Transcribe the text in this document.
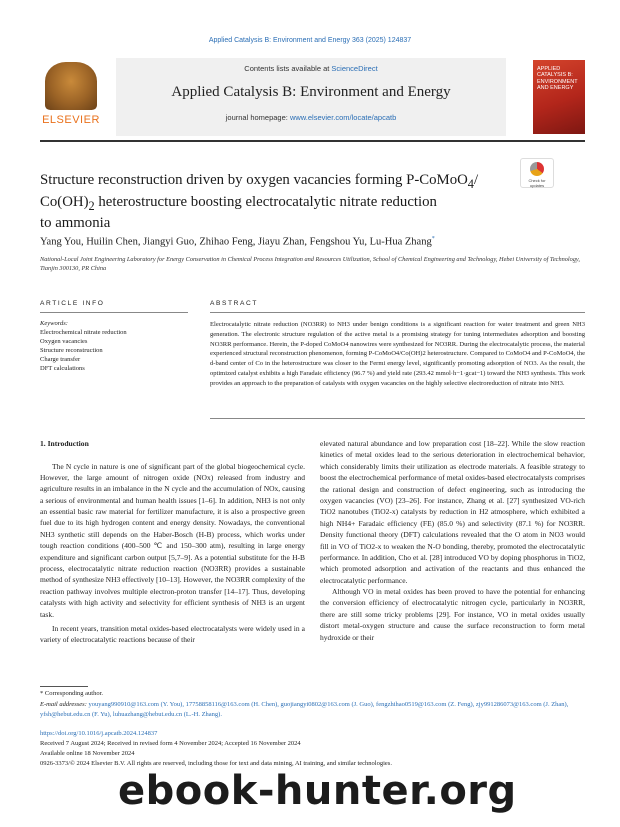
Applied Catalysis B: Environment and Energy 363 (2025) 124837
ELSEVIER
Contents lists available at ScienceDirect
Applied Catalysis B: Environment and Energy
journal homepage: www.elsevier.com/locate/apcatb
APPLIED CATALYSIS B: ENVIRONMENT AND ENERGY
Structure reconstruction driven by oxygen vacancies forming P-CoMoO$_4$/
$Co(OH)_2$ heterostructure boosting electrocatalytic nitrate reduction
to ammonia
Check for updates
Yang You, Huilin Chen, Jiangyi Guo, Zhihao Feng, Jiayu Zhan, Fengshou Yu, Lu-Hua Zhang*
National-Local Joint Engineering Laboratory for Energy Conservation in Chemical Process Integration and Resources Utilization, School of Chemical Engineering and Technology, Hebei University of Technology, Tianjin 300130, PR China
ARTICLE INFO	ABSTRACT
Keywords:
Electrochemical nitrate reduction
Oxygen vacancies
Structure reconstruction
Charge transfer
DFT calculations
Electrocatalytic nitrate reduction (NO3RR) to NH3 under benign conditions is a significant reaction for water treatment and green NH3 generation. The electronic structure regulation of the active metal is a promising strategy for tuning intermediates adsorption and boosting NO3RR performance. Herein, the P-doped CoMoO4 nanowires were synthesized for NO3RR. During the electrocatalytic process, the material experienced structural reconstruction phenomenon, forming P-CoMoO4/Co(OH)2 heterostructure. Compared to CoMoO4 and P-CoMoO4, the d-band center of Co in the heterostructure was closer to the Fermi energy level, significantly promoting adsorption of NO3. As the result, the optimized catalyst exhibits a high Faradaic efficiency (96.7 %) and yield rate (293.42 mmol·h−1·gcat−1) toward the NH3 synthesis. This work provides an approach to the preparation of catalysts with oxygen vacancies on the highly selective electroreduction of nitrate into NH3.
1. Introduction

The N cycle in nature is one of significant part of the global biogeochemical cycle. However, the large amount of nitrogen oxide (NOx) released from industry and agriculture results in an imbalance in the N cycle and the accumulation of NOx, causing a serious of environmental and human health issues [1–6]. In addition, NH3 is not only an essential basic raw material for fertilizer manufacture, it is also a prospective green fuel due to its high hydrogen content and energy density. Nowadays, the conventional NH3 synthetic still depends on the Haber-Bosch (H-B) process, which works under tough reaction conditions (400–500 ℃ and 150–300 atm), resulting in large energy expenditure and significant carbon output [5,7–9]. As a potential substitute for the H-B process, electrocatalytic nitrate reduction reaction (NO3RR) provides a sustainable method of synthesize NH3 effectively [10–13]. However, the NO3RR complexity of the reaction pathway involves multiple electron-proton transfer [14–17]. Thus, developing catalysts with high activity and selectivity for efficient synthesis of NH3 is an urgent task.

In recent years, transition metal oxides-based electrocatalysts were widely used in a variety of electrocatalytic reactions because of their

elevated natural abundance and low preparation cost [18–22]. While the slow reaction kinetics of metal oxides lead to the serious deterioration in electrochemical behavior, which considerably limits their utilization as electrode materials. A feasible strategy to boost the electrochemical performance of metal oxides-based electrocatalysts comprises the rational design and construction of defect engineering, such as introducing the oxygen vacancies (VO) [23–26]. For instance, Zhang et al. [27] synthesized VO-rich TiO2 nanotubes (TiO2-x) catalysts by reduction in H2 atmosphere, which exhibited a high NH4+ Faradaic efficiency (FE) (85.0 %) and selectivity (87.1 %) for NO3RR. Density functional theory (DFT) calculations revealed that the O atom in NO3 would fill in VO of TiO2-x to weaken the N-O bonding, thereby, promoted the electrocatalytic performance. In addition, Cho et al. [28] introduced VO by doping phosphorus in TiO2, which promoted adsorption and activation of the reactants and thus enhanced the electrocatalytic performance.

Although VO in metal oxides has been proved to have the potential for enhancing the conversion efficiency of electrocatalytic nitrogen cycle, particularly in NO3RR, there are still some tricky problems [29]. For instance, VO in metal oxides usually distort metal-oxygen structure and cause the surface reconstruction to form metal hydroxide or their

* Corresponding author.
E-mail addresses: youyang990910@163.com (Y. You), 17758858116@163.com (H. Chen), guojiangyi0802@163.com (J. Guo), fengzhihao0519@163.com (Z. Feng), zjy991286073@163.com (J. Zhan), yfsh@hebut.edu.cn (F. Yu), luhuazhang@hebut.edu.cn (L.-H. Zhang).
https://doi.org/10.1016/j.apcatb.2024.124837
Received 7 August 2024; Received in revised form 4 November 2024; Accepted 16 November 2024
Available online 18 November 2024
0926-3373/© 2024 Elsevier B.V. All rights are reserved, including those for text and data mining, AI training, and similar technologies.
ebook-hunter.org
